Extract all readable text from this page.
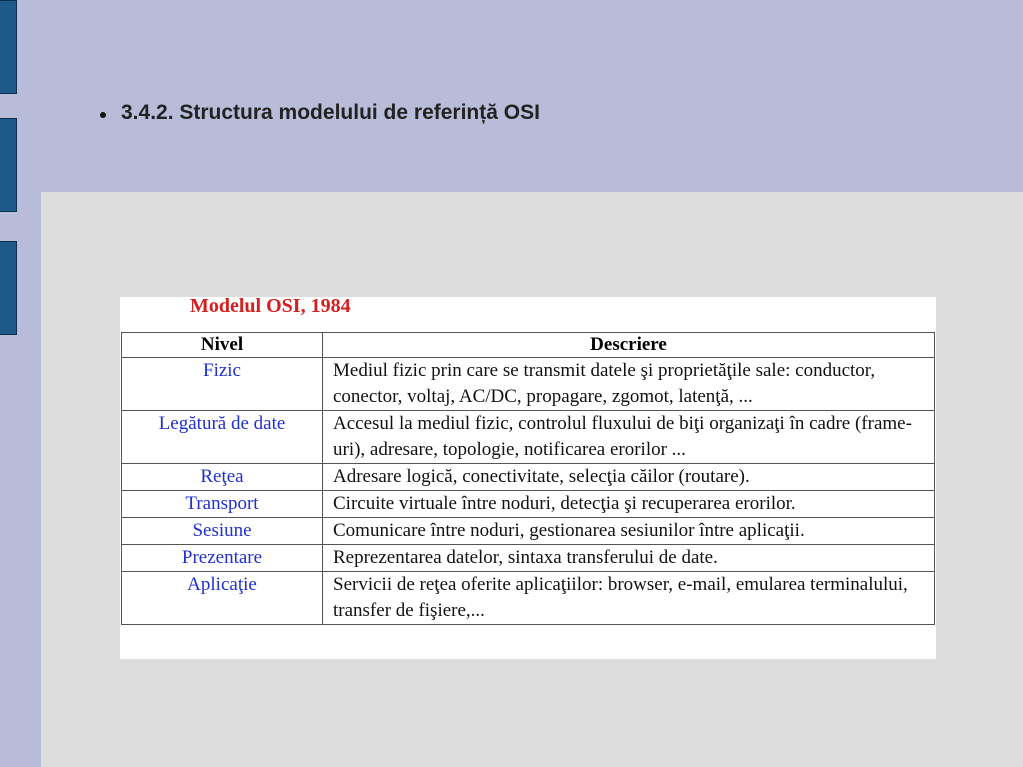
3.4.2. Structura modelului de referință OSI
Modelul OSI, 1984
Nivel	Descriere
Fizic	Mediul fizic prin care se transmit datele şi proprietăţile sale: conductor, conector, voltaj, AC/DC, propagare, zgomot, latenţă, ...
Legătură de date	Accesul la mediul fizic, controlul fluxului de biţi organizaţi în cadre (frame-uri), adresare, topologie, notificarea erorilor ...
Reţea	Adresare logică, conectivitate, selecţia căilor (routare).
Transport	Circuite virtuale între noduri, detecţia şi recuperarea erorilor.
Sesiune	Comunicare între noduri, gestionarea sesiunilor între aplicaţii.
Prezentare	Reprezentarea datelor, sintaxa transferului de date.
Aplicaţie	Servicii de reţea oferite aplicaţiilor: browser, e-mail, emularea terminalului, transfer de fişiere,...
